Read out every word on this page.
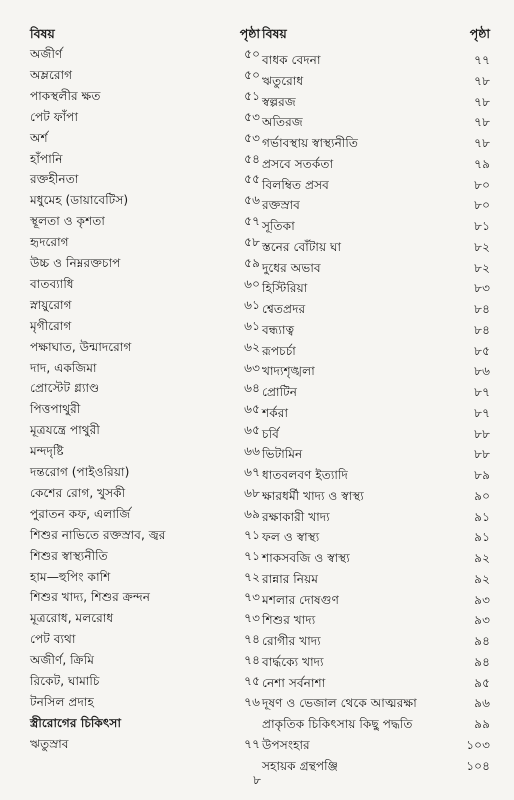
বিষয়	পৃষ্ঠা
অজীর্ণ	৫০
অম্লরোগ	৫০
পাকস্থলীর ক্ষত	৫১
পেট ফাঁপা	৫৩
অর্শ	৫৩
হাঁপানি	৫৪
রক্তহীনতা	৫৫
মধুমেহ (ডায়াবেটিস)	৫৬
স্থূলতা ও কৃশতা	৫৭
হৃদরোগ	৫৮
উচ্চ ও নিম্নরক্তচাপ	৫৯
বাতব্যাধি	৬০
স্নায়ুরোগ	৬১
মৃগীরোগ	৬১
পক্ষাঘাত, উন্মাদরোগ	৬২
দাদ, একজিমা	৬৩
প্রোস্টেট গ্ল্যাণ্ড	৬৪
পিত্তপাথুরী	৬৫
মূত্রযন্ত্রে পাথুরী	৬৫
মন্দদৃষ্টি	৬৬
দন্তরোগ (পাইওরিয়া)	৬৭
কেশের রোগ, খুসকী	৬৮
পুরাতন কফ, এলার্জি	৬৯
শিশুর নাভিতে রক্তস্রাব, জ্বর	৭১
শিশুর স্বাস্থ্যনীতি	৭১
হাম—হুপিং কাশি	৭২
শিশুর খাদ্য, শিশুর ক্রন্দন	৭৩
মূত্ররোধ, মলরোধ	৭৩
পেট ব্যথা	৭৪
অজীর্ণ, ক্রিমি	৭৪
রিকেট, ঘামাচি	৭৫
টনসিল প্রদাহ	৭৬
স্ত্রীরোগের চিকিৎসা
ঋতুস্রাব	৭৭
বিষয়	পৃষ্ঠা
বাধক বেদনা	৭৭
ঋতুরোধ	৭৮
স্বল্পরজ	৭৮
অতিরজ	৭৮
গর্ভাবস্থায় স্বাস্থ্যনীতি	৭৮
প্রসবে সতর্কতা	৭৯
বিলম্বিত প্রসব	৮০
রক্তস্রাব	৮০
সূতিকা	৮১
স্তনের বোঁটায় ঘা	৮২
দুধের অভাব	৮২
হিস্টিরিয়া	৮৩
শ্বেতপ্রদর	৮৪
বন্ধ্যাত্ব	৮৪
রূপচর্চা	৮৫
খাদ্যশৃঙ্খলা	৮৬
প্রোটিন	৮৭
শর্করা	৮৭
চর্বি	৮৮
ভিটামিন	৮৮
ধাতবলবণ ইত্যাদি	৮৯
ক্ষারধর্মী খাদ্য ও স্বাস্থ্য	৯০
রক্ষাকারী খাদ্য	৯১
ফল ও স্বাস্থ্য	৯১
শাকসবজি ও স্বাস্থ্য	৯২
রান্নার নিয়ম	৯২
মশলার দোষগুণ	৯৩
শিশুর খাদ্য	৯৩
রোগীর খাদ্য	৯৪
বার্দ্ধক্যে খাদ্য	৯৪
নেশা সর্বনাশা	৯৫
দূষণ ও ভেজাল থেকে আত্মরক্ষা	৯৬
প্রাকৃতিক চিকিৎসায় কিছু পদ্ধতি	৯৯
উপসংহার	১০৩
সহায়ক গ্রন্থপঞ্জি	১০৪
৮
